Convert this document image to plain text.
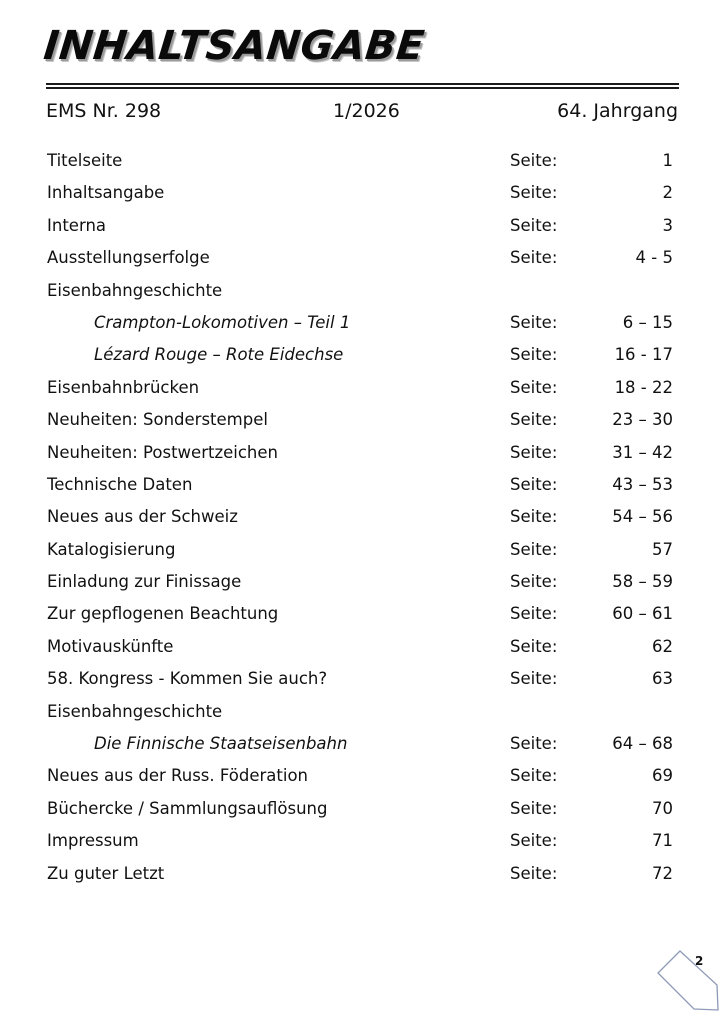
INHALTSANGABE
EMS Nr. 298	1/2026	64. Jahrgang
Titelseite	Seite:	1
Inhaltsangabe	Seite:	2
Interna	Seite:	3
Ausstellungserfolge	Seite:	4 - 5
Eisenbahngeschichte
Crampton-Lokomotiven – Teil 1	Seite:	6 – 15
Lézard Rouge – Rote Eidechse	Seite:	16 - 17
Eisenbahnbrücken	Seite:	18 - 22
Neuheiten: Sonderstempel	Seite:	23 – 30
Neuheiten: Postwertzeichen	Seite:	31 – 42
Technische Daten	Seite:	43 – 53
Neues aus der Schweiz	Seite:	54 – 56
Katalogisierung	Seite:	57
Einladung zur Finissage	Seite:	58 – 59
Zur gepflogenen Beachtung	Seite:	60 – 61
Motivauskünfte	Seite:	62
58. Kongress - Kommen Sie auch?	Seite:	63
Eisenbahngeschichte
Die Finnische Staatseisenbahn	Seite:	64 – 68
Neues aus der Russ. Föderation	Seite:	69
Büchercke / Sammlungsauflösung	Seite:	70
Impressum	Seite:	71
Zu guter Letzt	Seite:	72
2
